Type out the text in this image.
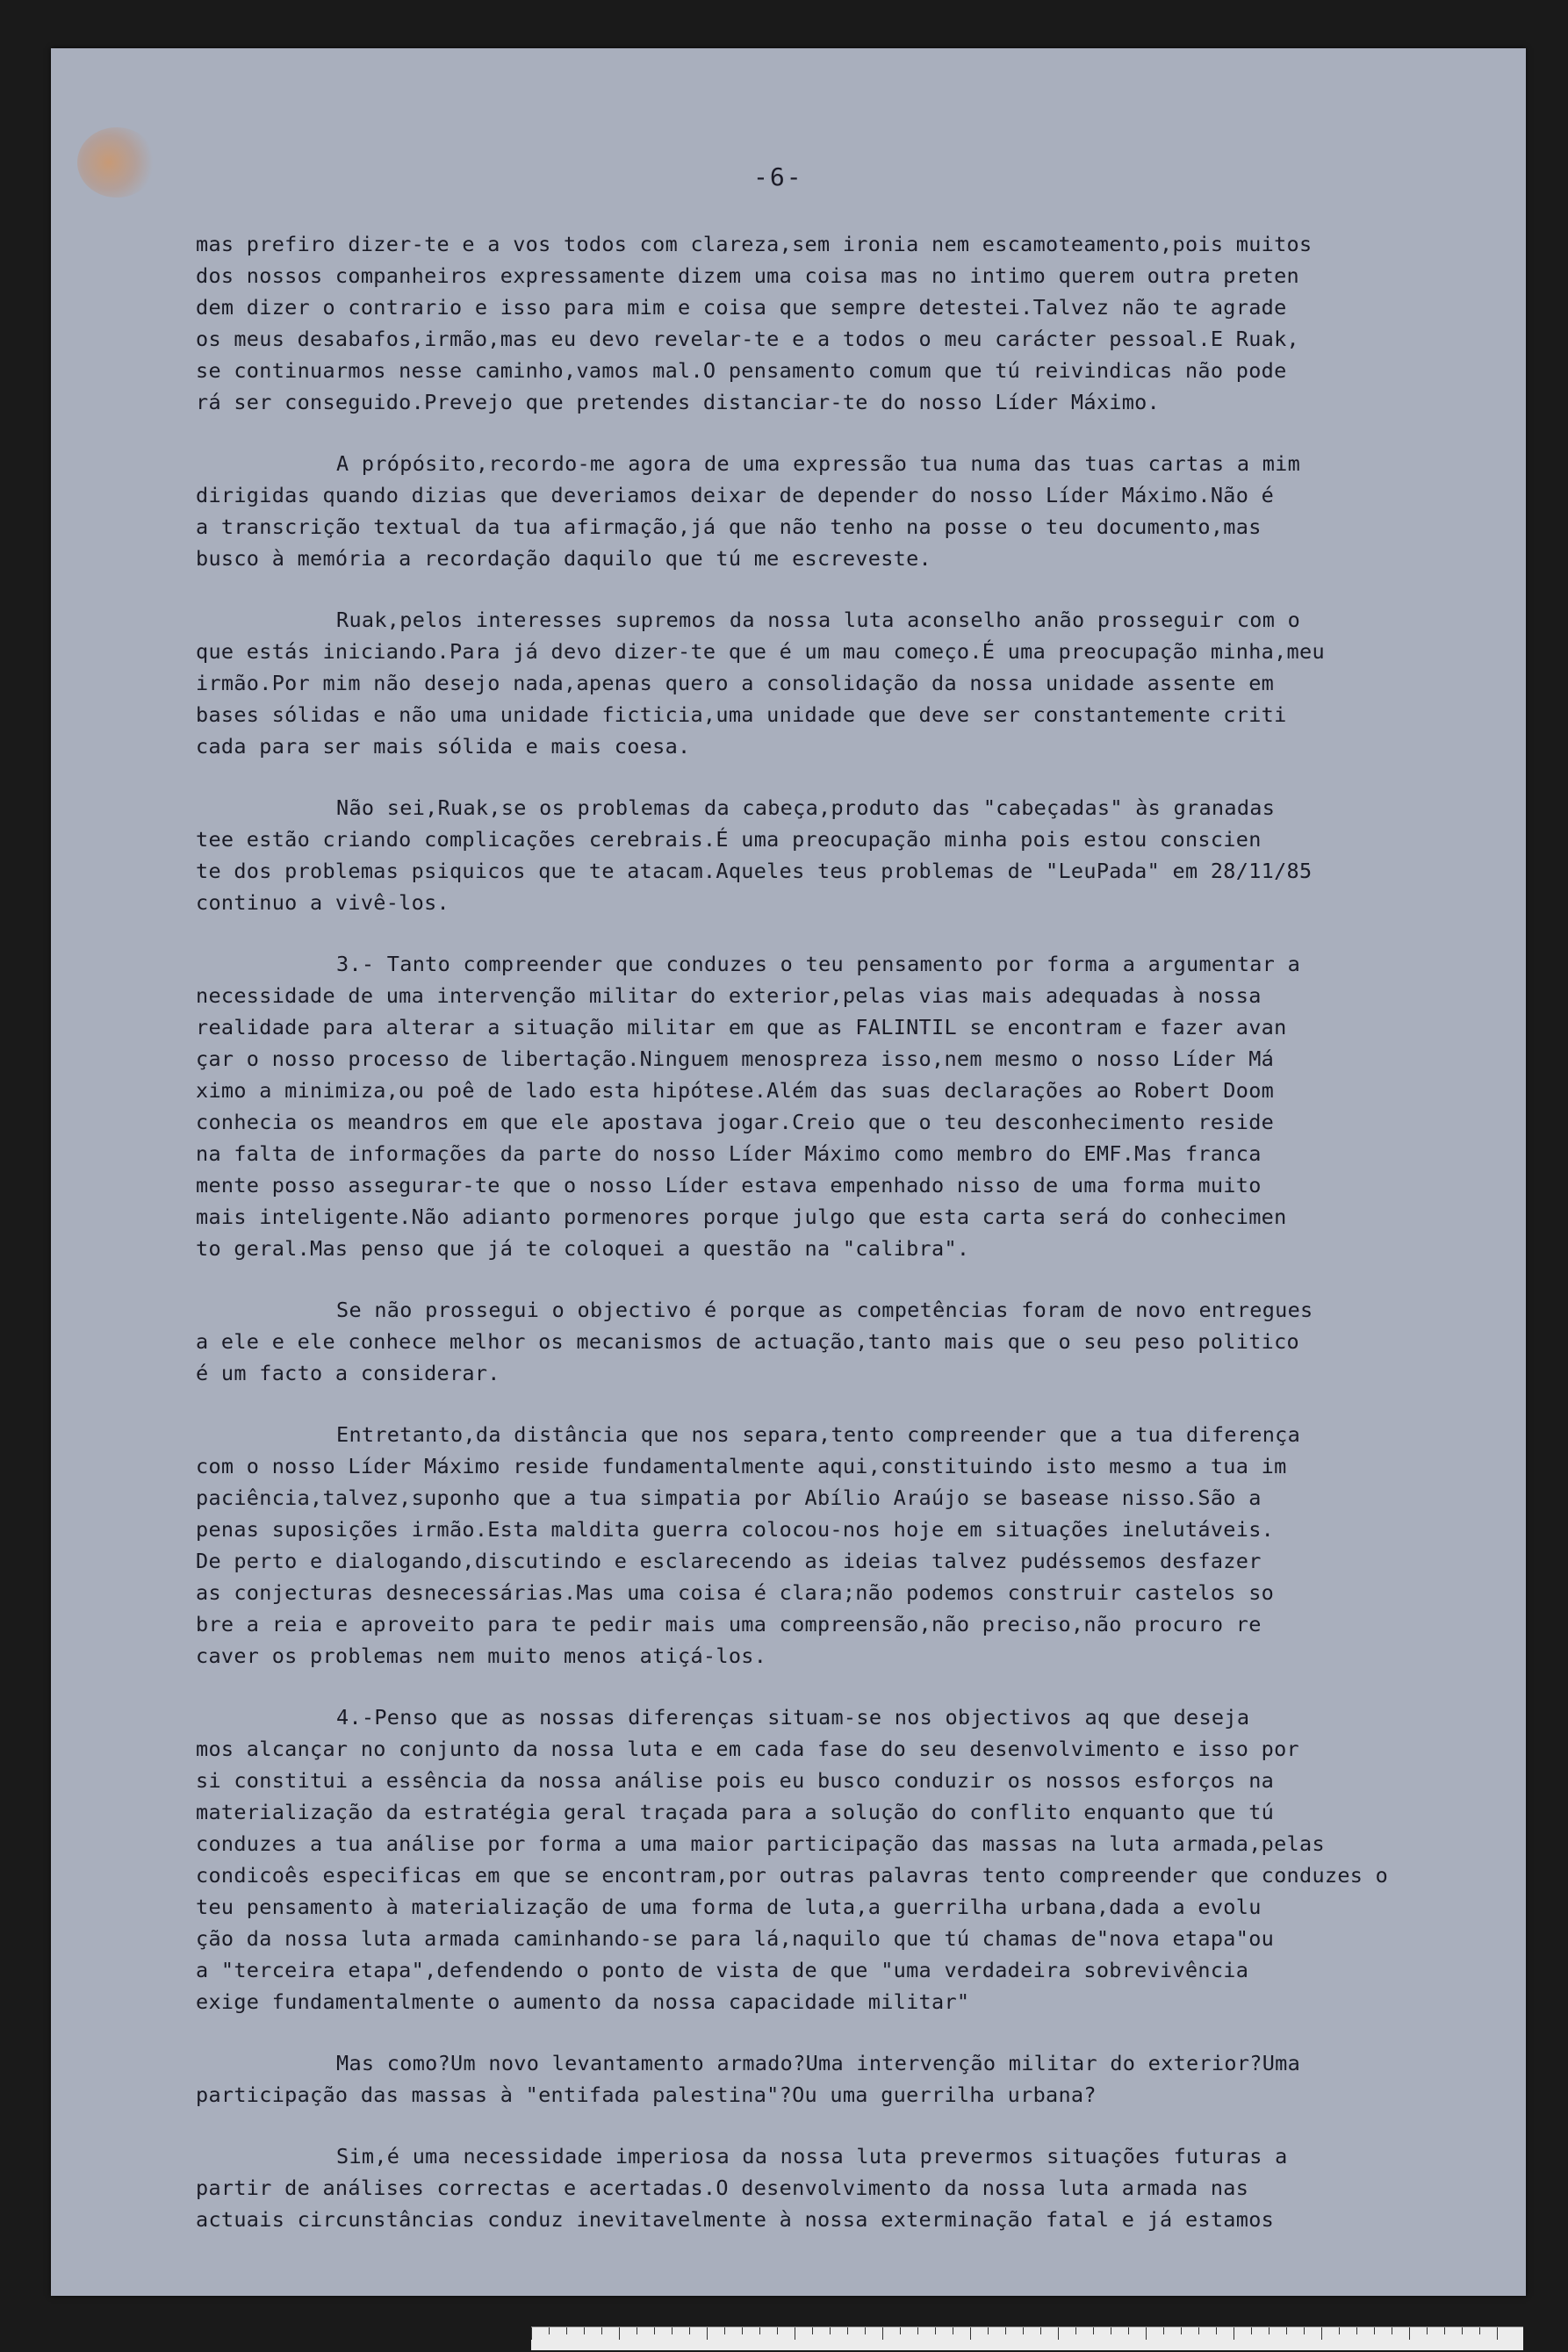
-6-
mas prefiro dizer-te e a vos todos com clareza,sem ironia nem escamoteamento,pois muitos
dos nossos companheiros expressamente dizem uma coisa mas no intimo querem outra preten
dem dizer o contrario e isso para mim e coisa que sempre detestei.Talvez não te agrade
os meus desabafos,irmão,mas eu devo revelar-te e a todos o meu carácter pessoal.E Ruak,
se continuarmos nesse caminho,vamos mal.O pensamento comum que tú reivindicas não pode
rá ser conseguido.Prevejo que pretendes distanciar-te do nosso Líder Máximo.
A própósito,recordo-me agora de uma expressão tua numa das tuas cartas a mim
dirigidas quando dizias que deveriamos deixar de depender do nosso Líder Máximo.Não é
a transcrição textual da tua afirmação,já que não tenho na posse o teu documento,mas
busco à memória a recordação daquilo que tú me escreveste.
Ruak,pelos interesses supremos da nossa luta aconselho anão prosseguir com o
que estás iniciando.Para já devo dizer-te que é um mau começo.É uma preocupação minha,meu
irmão.Por mim não desejo nada,apenas quero a consolidação da nossa unidade assente em
bases sólidas e não uma unidade ficticia,uma unidade que deve ser constantemente criti
cada para ser mais sólida e mais coesa.
Não sei,Ruak,se os problemas da cabeça,produto das "cabeçadas" às granadas
tee estão criando complicações cerebrais.É uma preocupação minha pois estou conscien
te dos problemas psiquicos que te atacam.Aqueles teus problemas de "LeuPada" em 28/11/85
continuo a vivê-los.
3.- Tanto compreender que conduzes o teu pensamento por forma a argumentar a
necessidade de uma intervenção militar do exterior,pelas vias mais adequadas à nossa
realidade para alterar a situação militar em que as FALINTIL se encontram e fazer avan
çar o nosso processo de libertação.Ninguem menospreza isso,nem mesmo o nosso Líder Má
ximo a minimiza,ou poê de lado esta hipótese.Além das suas declarações ao Robert Doom
conhecia os meandros em que ele apostava jogar.Creio que o teu desconhecimento reside
na falta de informações da parte do nosso Líder Máximo como membro do EMF.Mas franca
mente posso assegurar-te que o nosso Líder estava empenhado nisso de uma forma muito
mais inteligente.Não adianto pormenores porque julgo que esta carta será do conhecimen
to geral.Mas penso que já te coloquei a questão na "calibra".
Se não prossegui o objectivo é porque as competências foram de novo entregues
a ele e ele conhece melhor os mecanismos de actuação,tanto mais que o seu peso politico
é um facto a considerar.
Entretanto,da distância que nos separa,tento compreender que a tua diferença
com o nosso Líder Máximo reside fundamentalmente aqui,constituindo isto mesmo a tua im
paciência,talvez,suponho que a tua simpatia por Abílio Araújo se basease nisso.São a
penas suposições irmão.Esta maldita guerra colocou-nos hoje em situações inelutáveis.
De perto e dialogando,discutindo e esclarecendo as ideias talvez pudéssemos desfazer
as conjecturas desnecessárias.Mas uma coisa é clara;não podemos construir castelos so
bre a reia e aproveito para te pedir mais uma compreensão,não preciso,não procuro re
caver os problemas nem muito menos atiçá-los.
4.-Penso que as nossas diferenças situam-se nos objectivos aq que deseja
mos alcançar no conjunto da nossa luta e em cada fase do seu desenvolvimento e isso por
si constitui a essência da nossa análise pois eu busco conduzir os nossos esforços na
materialização da estratégia geral traçada para a solução do conflito enquanto que tú
conduzes a tua análise por forma a uma maior participação das massas na luta armada,pelas
condicoês especificas em que se encontram,por outras palavras tento compreender que conduzes o
teu pensamento à materialização de uma forma de luta,a guerrilha urbana,dada a evolu
ção da nossa luta armada caminhando-se para lá,naquilo que tú chamas de"nova etapa"ou
a "terceira etapa",defendendo o ponto de vista de que "uma verdadeira sobrevivência
exige fundamentalmente o aumento da nossa capacidade militar"
Mas como?Um novo levantamento armado?Uma intervenção militar do exterior?Uma
participação das massas à "entifada palestina"?Ou uma guerrilha urbana?
Sim,é uma necessidade imperiosa da nossa luta prevermos situações futuras a
partir de análises correctas e acertadas.O desenvolvimento da nossa luta armada nas
actuais circunstâncias conduz inevitavelmente à nossa exterminação fatal e já estamos
